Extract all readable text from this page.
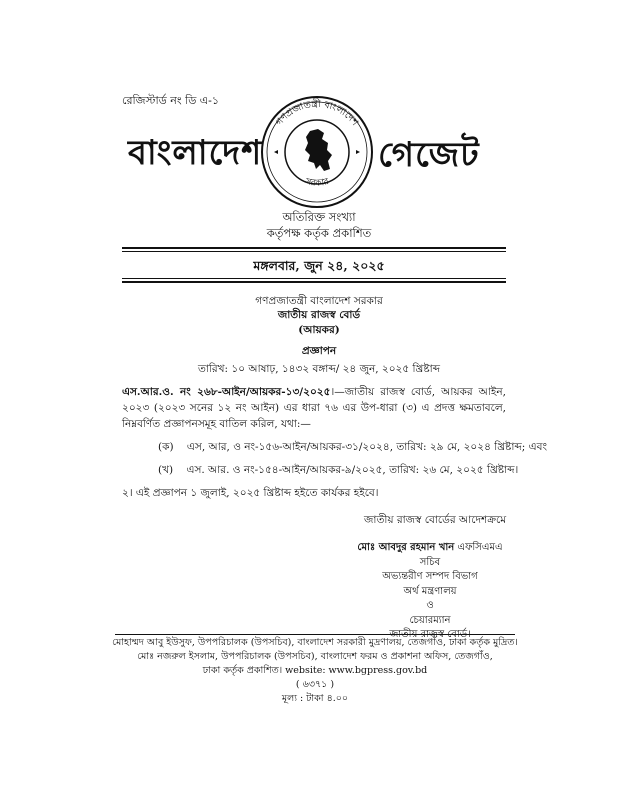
রেজিস্টার্ড নং ডি এ-১
বাংলাদেশ
গণপ্রজাতন্ত্রী বাংলাদেশ
সরকার
গেজেট
অতিরিক্ত সংখ্যা
কর্তৃপক্ষ কর্তৃক প্রকাশিত
মঙ্গলবার, জুন ২৪, ২০২৫
গণপ্রজাতন্ত্রী বাংলাদেশ সরকার
জাতীয় রাজস্ব বোর্ড
(আয়কর)
প্রজ্ঞাপন
তারিখ: ১০ আষাঢ়, ১৪৩২ বঙ্গাব্দ/ ২৪ জুন, ২০২৫ খ্রিষ্টাব্দ
এস.আর.ও. নং ২৬৮-আইন/আয়কর-১৩/২০২৫।—জাতীয় রাজস্ব বোর্ড, আয়কর আইন, ২০২৩ (২০২৩ সনের ১২ নং আইন) এর ধারা ৭৬ এর উপ-ধারা (৩) এ প্রদত্ত ক্ষমতাবলে, নিম্নবর্ণিত প্রজ্ঞাপনসমূহ বাতিল করিল, যথা:—
(ক) এস, আর, ও নং-১৫৬-আইন/আয়কর-৩১/২০২৪, তারিখ: ২৯ মে, ২০২৪ খ্রিষ্টাব্দ; এবং
(খ) এস. আর. ও নং-১৫৪-আইন/আয়কর-৯/২০২৫, তারিখ: ২৬ মে, ২০২৫ খ্রিষ্টাব্দ।
২। এই প্রজ্ঞাপন ১ জুলাই, ২০২৫ খ্রিষ্টাব্দ হইতে কার্যকর হইবে।
জাতীয় রাজস্ব বোর্ডের আদেশক্রমে
মোঃ আবদুর রহমান খান এফসিএমএ
সচিব
অভ্যন্তরীণ সম্পদ বিভাগ
অর্থ মন্ত্রণালয়
ও
চেয়ারম্যান
মোহাম্মদ আবু ইউসুফ, উপপরিচালক (উপসচিব), বাংলাদেশ সরকারী মুদ্রণালয়, তেজগাঁও, ঢাকা কর্তৃক মুদ্রিত।
মোঃ নজরুল ইসলাম, উপপরিচালক (উপসচিব), বাংলাদেশ ফরম ও প্রকাশনা অফিস, তেজগাঁও,
ঢাকা কর্তৃক প্রকাশিত। website: www.bgpress.gov.bd
( ৬৩৭১ )
মূল্য : টাকা ৪.০০
